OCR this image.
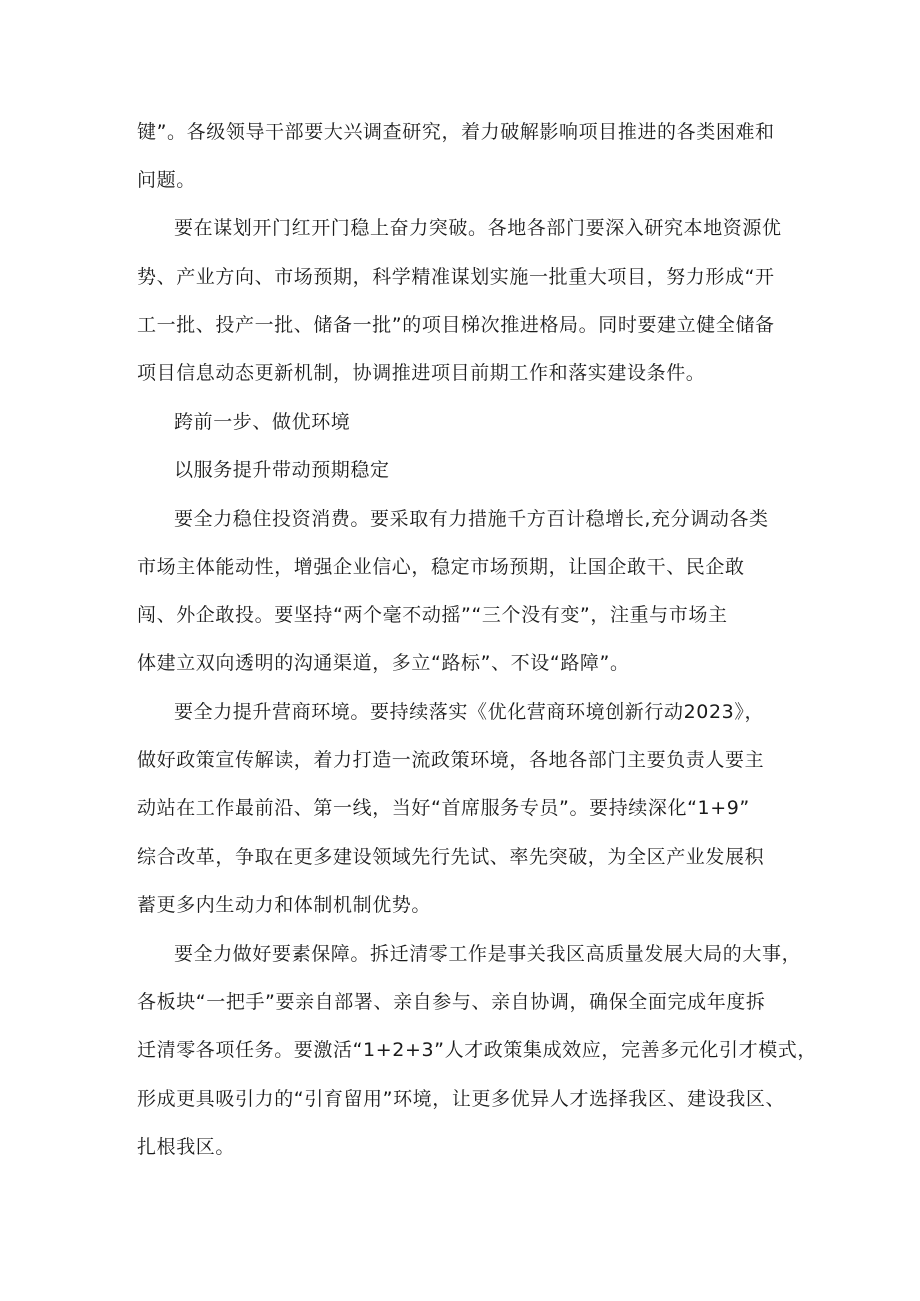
键”。各级领导干部要大兴调查研究，着力破解影响项目推进的各类困难和
问题。
要在谋划开门红开门稳上奋力突破。各地各部门要深入研究本地资源优
势、产业方向、市场预期，科学精准谋划实施一批重大项目，努力形成“开
工一批、投产一批、储备一批”的项目梯次推进格局。同时要建立健全储备
项目信息动态更新机制，协调推进项目前期工作和落实建设条件。
跨前一步、做优环境
以服务提升带动预期稳定
要全力稳住投资消费。要采取有力措施千方百计稳增长,充分调动各类
市场主体能动性，增强企业信心，稳定市场预期，让国企敢干、民企敢
闯、外企敢投。要坚持“两个毫不动摇”“三个没有变”，注重与市场主
体建立双向透明的沟通渠道，多立“路标”、不设“路障”。
要全力提升营商环境。要持续落实《优化营商环境创新行动2023》，
做好政策宣传解读，着力打造一流政策环境，各地各部门主要负责人要主
动站在工作最前沿、第一线，当好“首席服务专员”。要持续深化“1+9”
综合改革，争取在更多建设领域先行先试、率先突破，为全区产业发展积
蓄更多内生动力和体制机制优势。
要全力做好要素保障。拆迁清零工作是事关我区高质量发展大局的大事，
各板块“一把手”要亲自部署、亲自参与、亲自协调，确保全面完成年度拆
迁清零各项任务。要激活“1+2+3”人才政策集成效应，完善多元化引才模式，
形成更具吸引力的“引育留用”环境，让更多优异人才选择我区、建设我区、
扎根我区。
